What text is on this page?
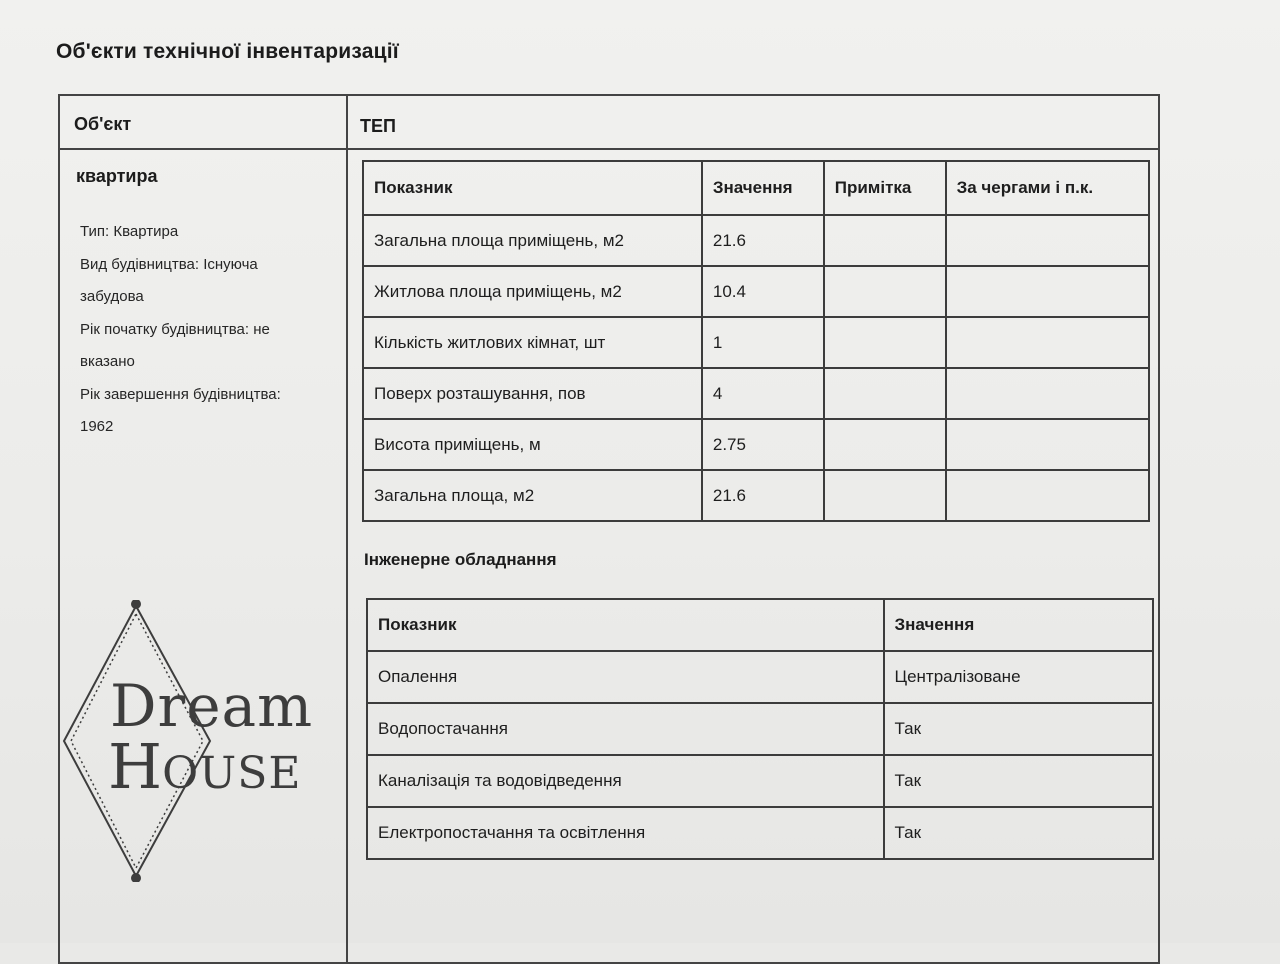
Об'єкти технічної інвентаризації
Об'єкт	ТЕП
квартира
Тип: Квартира
Вид будівництва: Існуюча
забудова
Рік початку будівництва: не
вказано
Рік завершення будівництва:
1962
Показник	Значення	Примітка	За чергами і п.к.
Загальна площа приміщень, м2	21.6		
Житлова площа приміщень, м2	10.4		
Кількість житлових кімнат, шт	1		
Поверх розташування, пов	4		
Висота приміщень, м	2.75		
Загальна площа, м2	21.6		
Інженерне обладнання
Показник	Значення
Опалення	Централізоване
Водопостачання	Так
Каналізація та водовідведення	Так
Електропостачання та освітлення	Так
Dream
HOUSE
